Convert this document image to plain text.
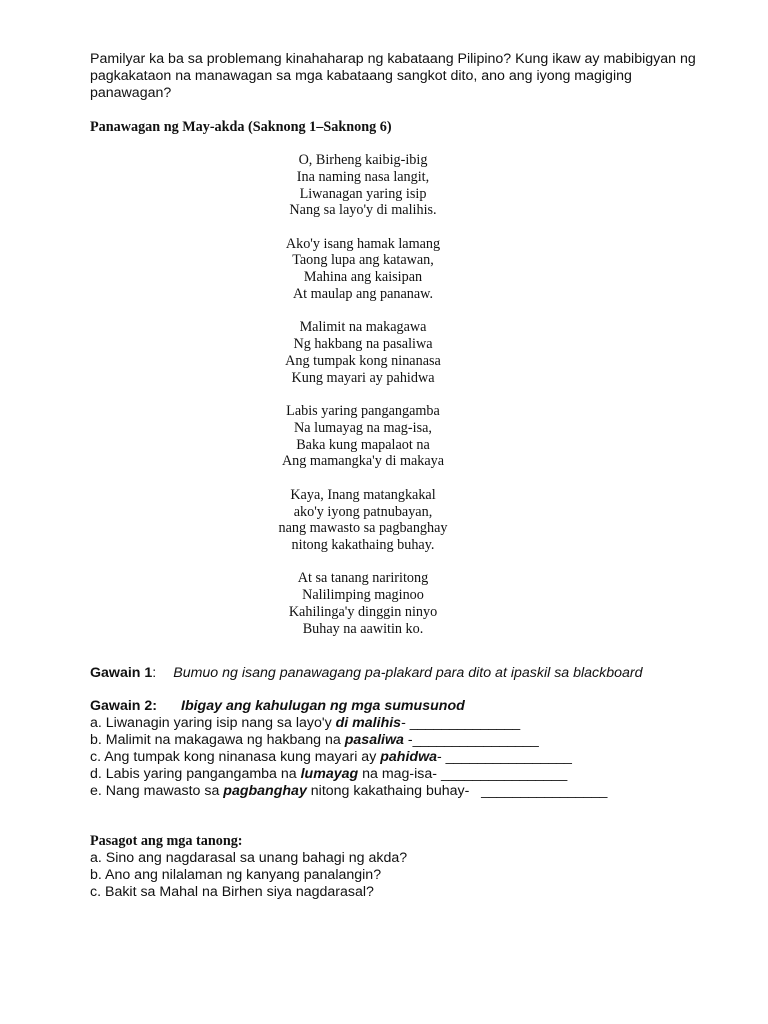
Pamilyar ka ba sa problemang kinahaharap ng kabataang Pilipino? Kung ikaw ay mabibigyan ng pagkakataon na manawagan sa mga kabataang sangkot dito, ano ang iyong magiging panawagan?

Panawagan ng May-akda (Saknong 1–Saknong 6)

O, Birheng kaibig-ibig
Ina naming nasa langit,
Liwanagan yaring isip
Nang sa layo'y di malihis.
Ako'y isang hamak lamang
Taong lupa ang katawan,
Mahina ang kaisipan
At maulap ang pananaw.
Malimit na makagawa
Ng hakbang na pasaliwa
Ang tumpak kong ninanasa
Kung mayari ay pahidwa
Labis yaring pangangamba
Na lumayag na mag-isa,
Baka kung mapalaot na
Ang mamangka'y di makaya
Kaya, Inang matangkakal
ako'y iyong patnubayan,
nang mawasto sa pagbanghay
nitong kakathaing buhay.
At sa tanang nariritong
Nalilimping maginoo
Kahilinga'y dinggin ninyo
Buhay na aawitin ko.

Gawain 1: Bumuo ng isang panawagang pa-plakard para dito at ipaskil sa blackboard

Gawain 2: Ibigay ang kahulugan ng mga sumusunod

a. Liwanagin yaring isip nang sa layo'y di malihis- ______________
b. Malimit na makagawa ng hakbang na pasaliwa -________________
c. Ang tumpak kong ninanasa kung mayari ay pahidwa- ________________
d. Labis yaring pangangamba na lumayag na mag-isa- ________________
e. Nang mawasto sa pagbanghay nitong kakathaing buhay-   ________________

Pasagot ang mga tanong:

a. Sino ang nagdarasal sa unang bahagi ng akda?
b. Ano ang nilalaman ng kanyang panalangin?
c. Bakit sa Mahal na Birhen siya nagdarasal?
